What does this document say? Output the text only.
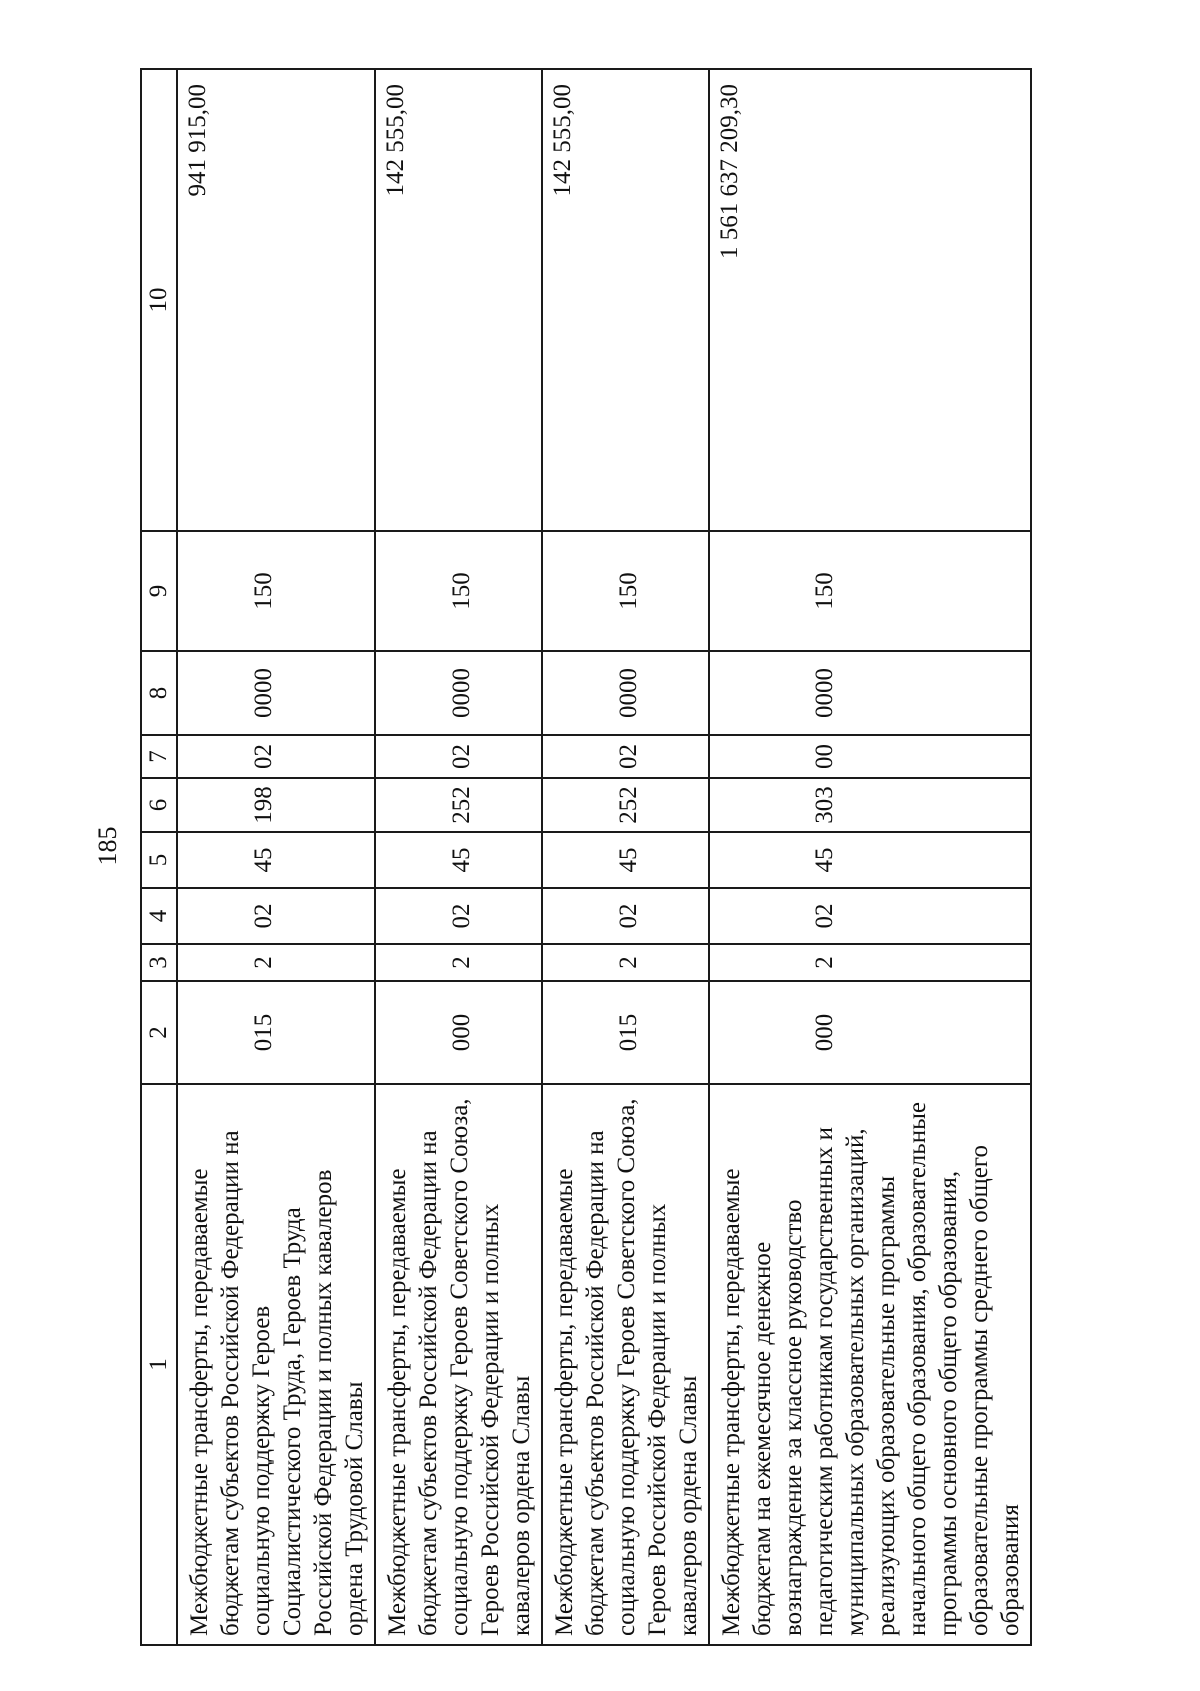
185
1	2	3	4	5	6	7	8	9	10
Межбюджетные трансферты, передаваемые бюджетам субъектов Российской Федерации на социальную поддержку Героев Социалистического Труда, Героев Труда Российской Федерации и полных кавалеров ордена Трудовой Славы	015	2	02	45	198	02	0000	150	941 915,00
Межбюджетные трансферты, передаваемые бюджетам субъектов Российской Федерации на социальную поддержку Героев Советского Союза, Героев Российской Федерации и полных кавалеров ордена Славы	000	2	02	45	252	02	0000	150	142 555,00
Межбюджетные трансферты, передаваемые бюджетам субъектов Российской Федерации на социальную поддержку Героев Советского Союза, Героев Российской Федерации и полных кавалеров ордена Славы	015	2	02	45	252	02	0000	150	142 555,00
Межбюджетные трансферты, передаваемые бюджетам на ежемесячное денежное вознаграждение за классное руководство педагогическим работникам государственных и муниципальных образовательных организаций, реализующих образовательные программы начального общего образования, образовательные программы основного общего образования, образовательные программы среднего общего образования	000	2	02	45	303	00	0000	150	1 561 637 209,30
